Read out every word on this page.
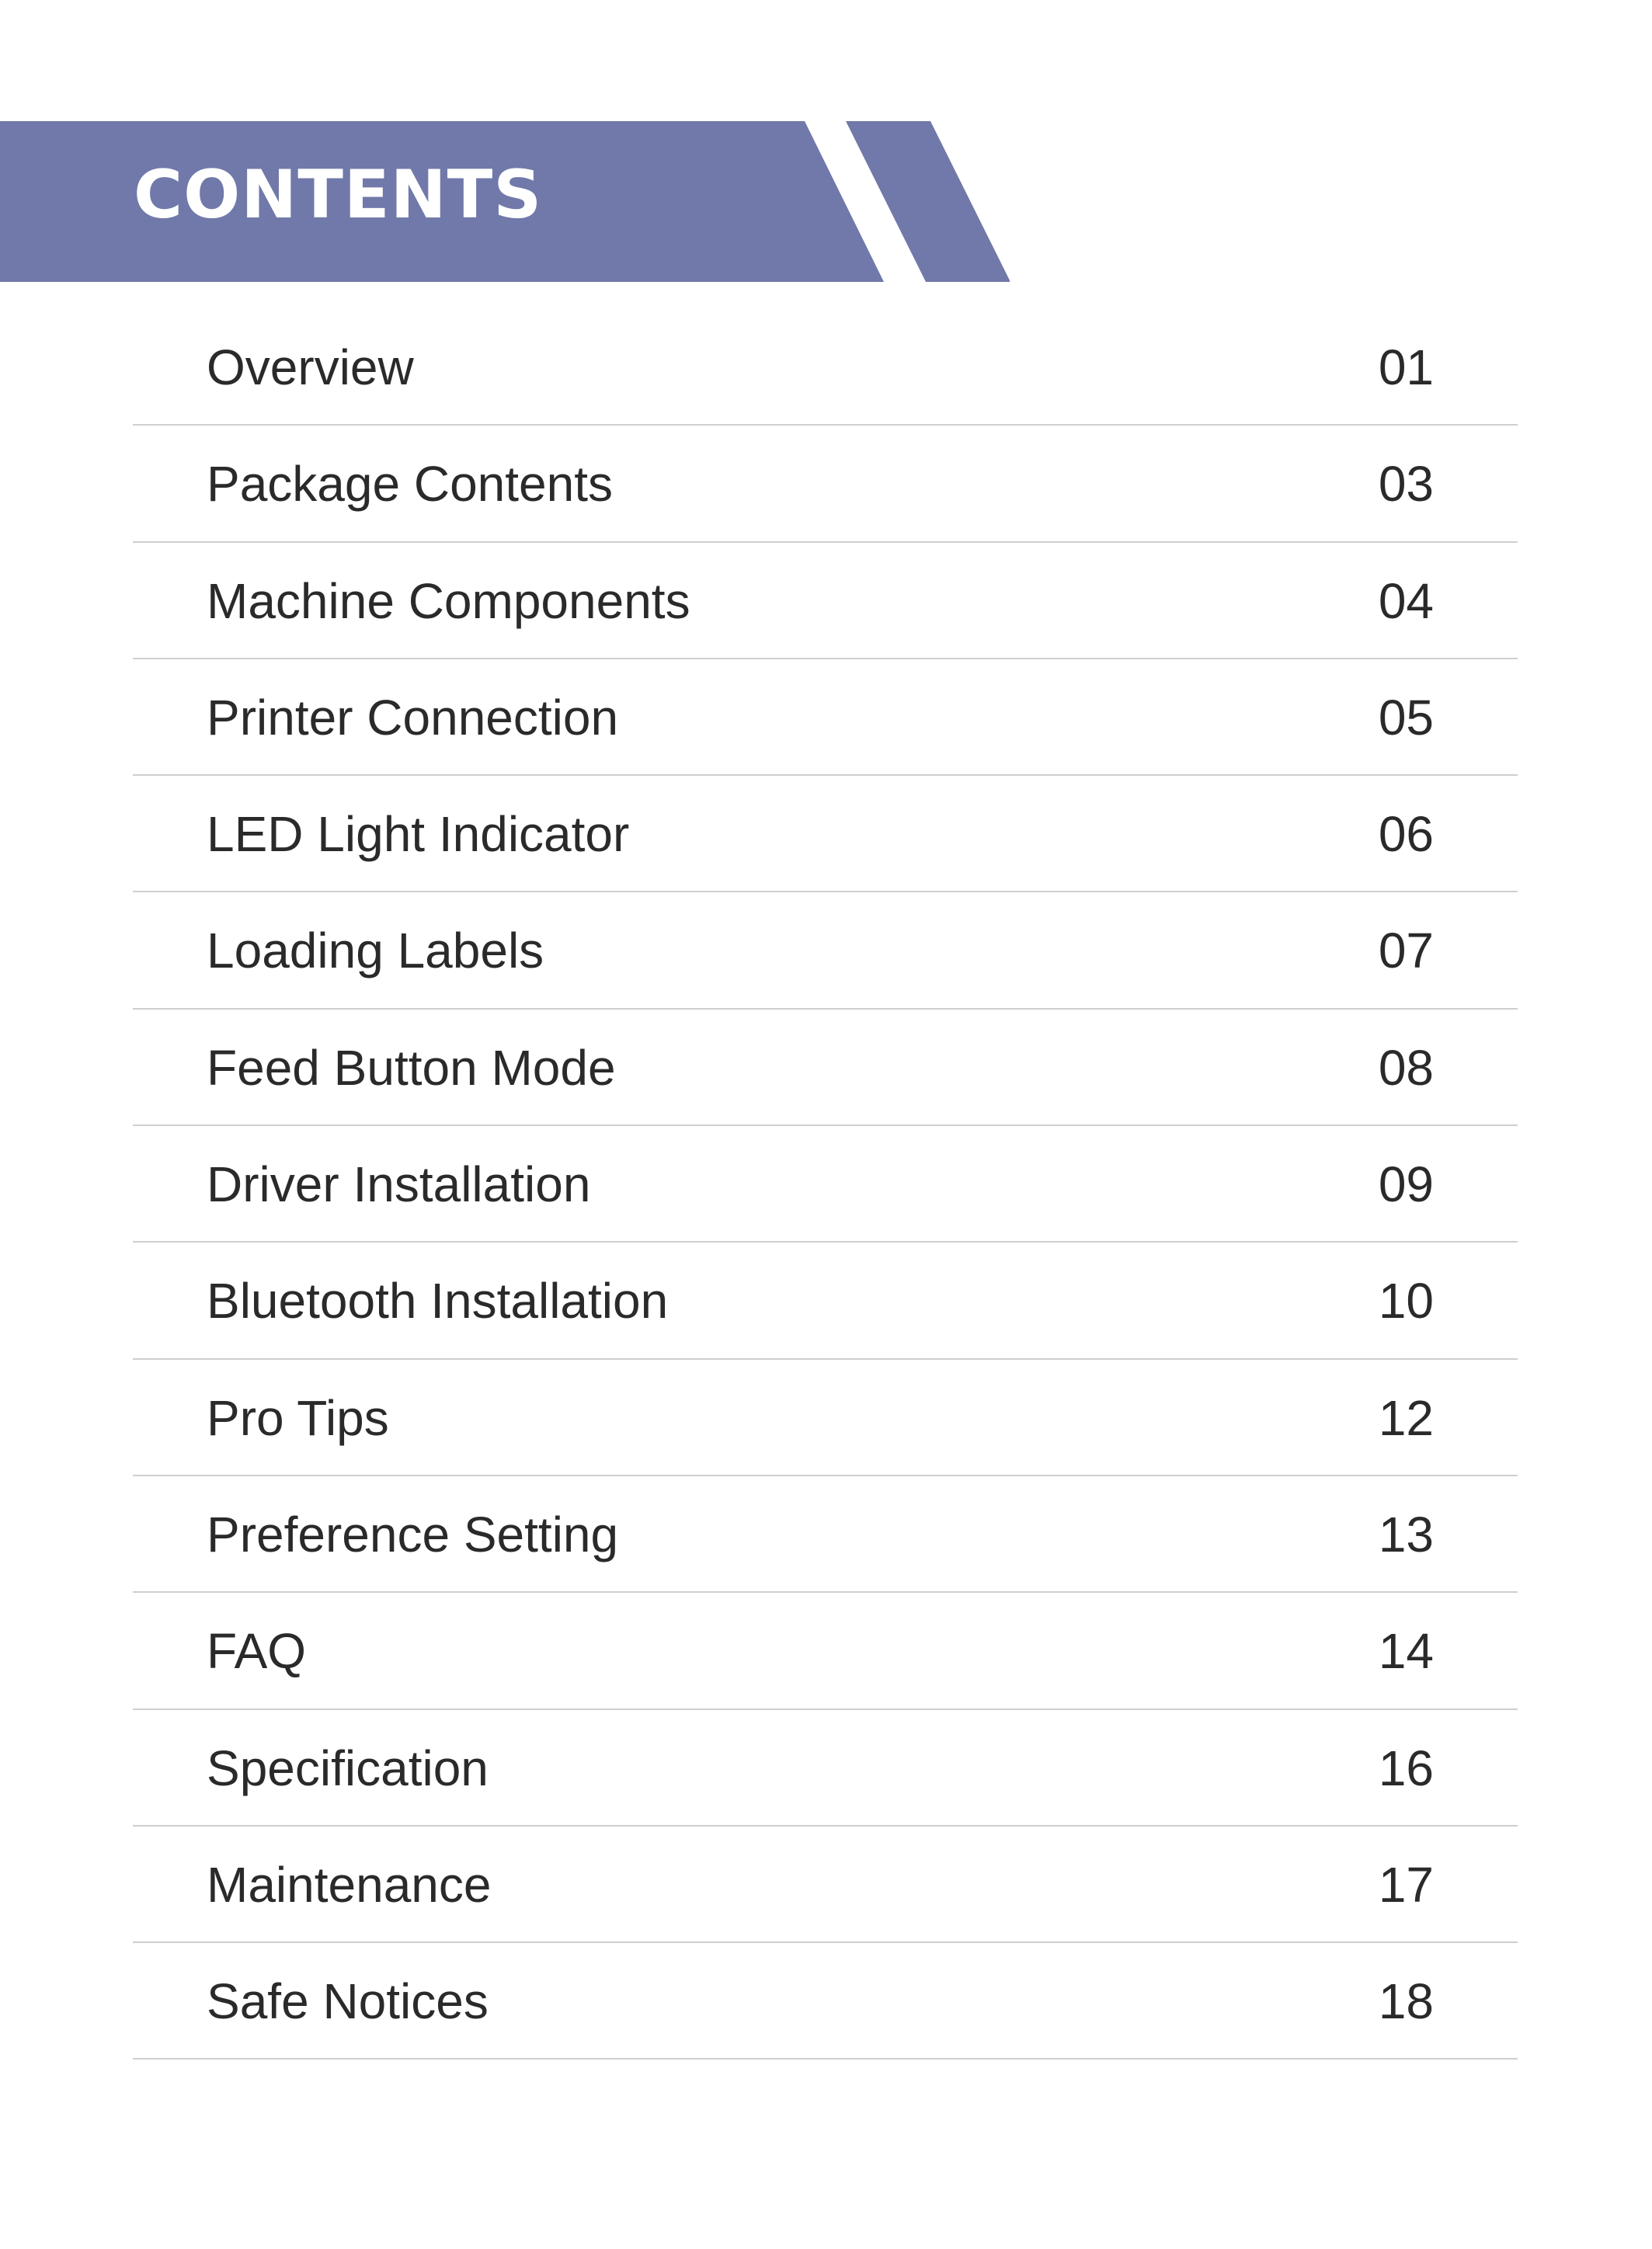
CONTENTS
Overview	01
Package Contents	03
Machine Components	04
Printer Connection	05
LED Light Indicator	06
Loading Labels	07
Feed Button Mode	08
Driver Installation	09
Bluetooth Installation	10
Pro Tips	12
Preference Setting	13
FAQ	14
Specification	16
Maintenance	17
Safe Notices	18
